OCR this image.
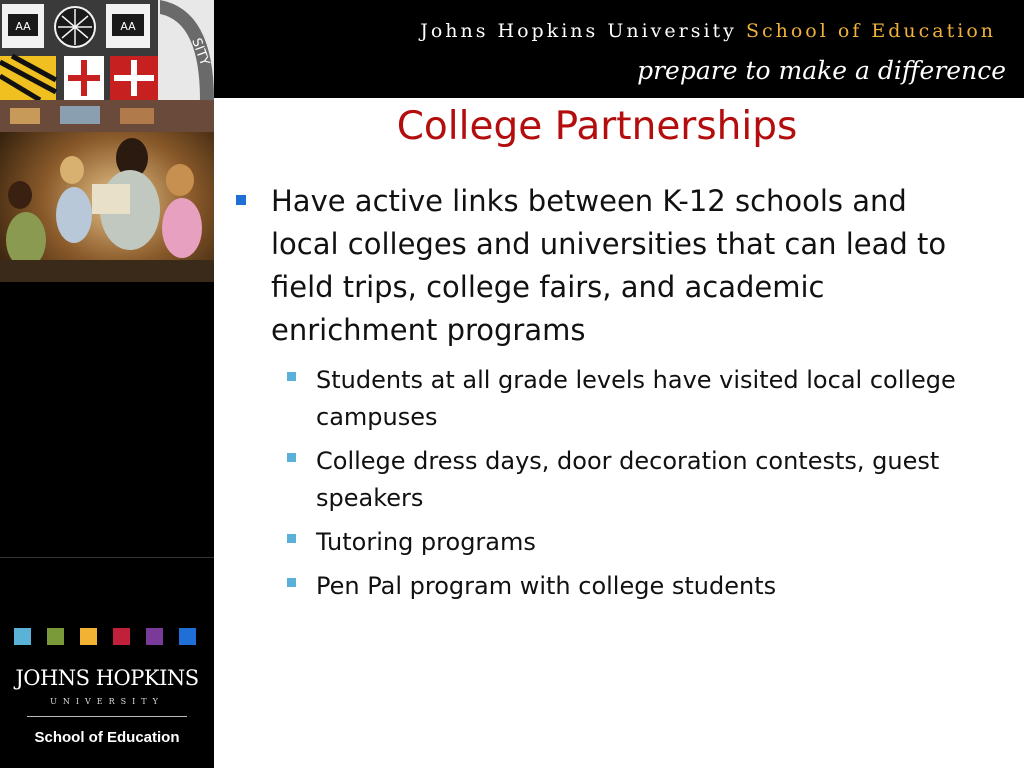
Johns Hopkins University School of Education
prepare to make a difference
AA	AA
SITY
JOHNS HOPKINS
UNIVERSITY
School of Education
College Partnerships
Have active links between K-12 schools and local colleges and universities that can lead to field trips, college fairs, and academic enrichment programs
Students at all grade levels have visited local college campuses
College dress days, door decoration contests, guest speakers
Tutoring programs
Pen Pal program with college students
